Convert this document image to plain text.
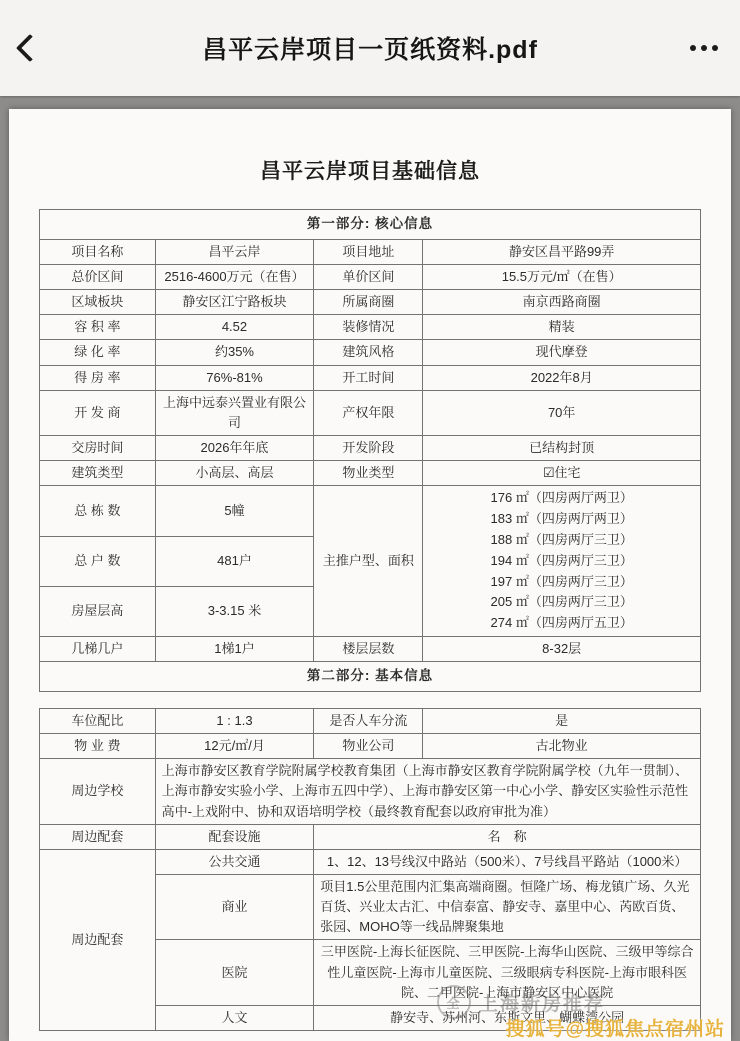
昌平云岸项目一页纸资料.pdf
昌平云岸项目基础信息
第一部分: 核心信息			
项目名称	昌平云岸	项目地址	静安区昌平路99弄
总价区间	2516-4600万元（在售）	单价区间	15.5万元/㎡（在售）
区域板块	静安区江宁路板块	所属商圈	南京西路商圈
容 积 率	4.52	装修情况	精装
绿 化 率	约35%	建筑风格	现代摩登
得 房 率	76%-81%	开工时间	2022年8月
开 发 商	上海中远泰兴置业有限公司	产权年限	70年
交房时间	2026年年底	开发阶段	已结构封顶
建筑类型	小高层、高层	物业类型	☑住宅
总 栋 数	5幢	主推户型、面积	
176 ㎡（四房两厅两卫）
183 ㎡（四房两厅两卫）
188 ㎡（四房两厅三卫）
194 ㎡（四房两厅三卫）
197 ㎡（四房两厅三卫）
205 ㎡（四房两厅三卫）
274 ㎡（四房两厅五卫）

总 户 数	481户		
房屋层高	3-3.15 米		
几梯几户	1梯1户	楼层层数	8-32层
第二部分: 基本信息			
车位配比	1 : 1.3	是否人车分流	是
物 业 费	12元/㎡/月	物业公司	古北物业
周边学校	上海市静安区教育学院附属学校教育集团（上海市静安区教育学院附属学校（九年一贯制）、上海市静安实验小学、上海市五四中学）、上海市静安区第一中心小学、静安区实验性示范性高中-上戏附中、协和双语培明学校（最终教育配套以政府审批为准）		
周边配套	配套设施	名　称	
周边配套	公共交通	1、12、13号线汉中路站（500米）、7号线昌平路站（1000米）	
	商业	项目1.5公里范围内汇集高端商圈。恒隆广场、梅龙镇广场、久光百货、兴业太古汇、中信泰富、静安寺、嘉里中心、芮欧百货、张园、MOHO等一线品牌聚集地	
	医院	三甲医院-上海长征医院、三甲医院-上海华山医院、三级甲等综合性儿童医院-上海市儿童医院、三级眼病专科医院-上海市眼科医院、二甲医院-上海市静安区中心医院	
	人文	静安寺、苏州河、东斯文里、蝴蝶湾公园	
全 上海新房推荐
搜狐号@搜狐焦点宿州站
